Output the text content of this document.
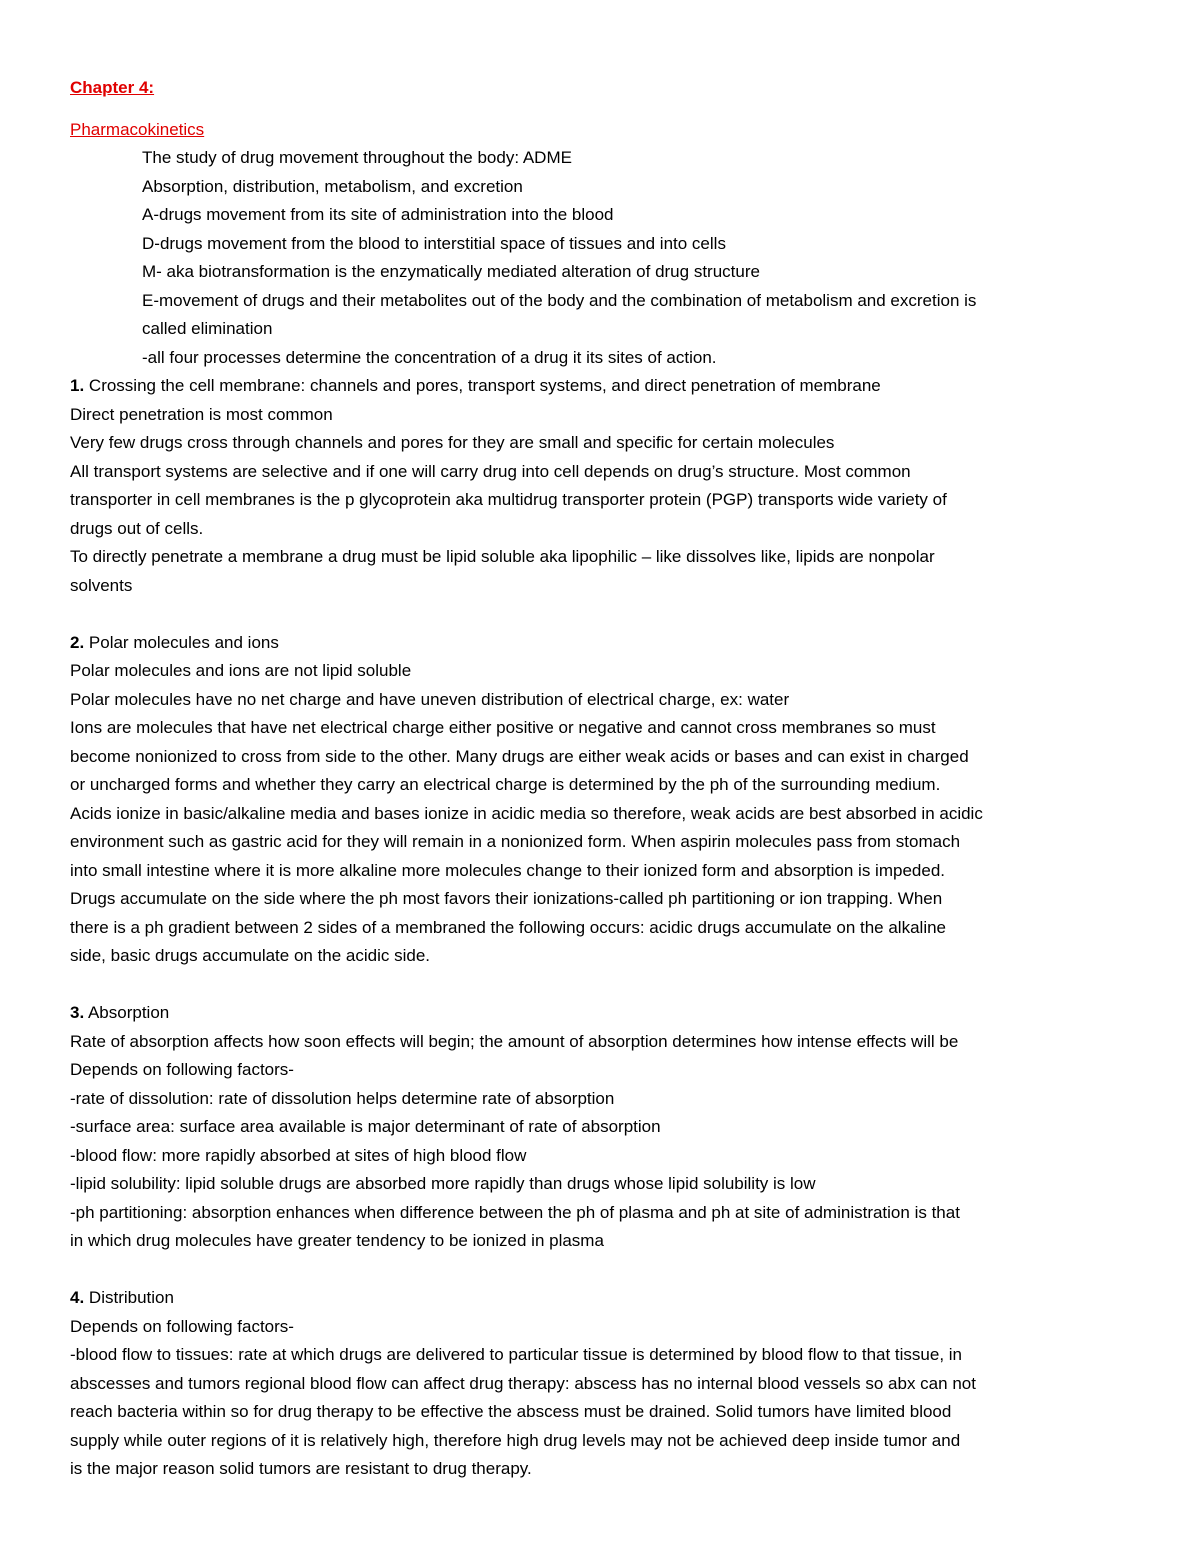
Chapter 4:
Pharmacokinetics
The study of drug movement throughout the body: ADME
Absorption, distribution, metabolism, and excretion
A-drugs movement from its site of administration into the blood
D-drugs movement from the blood to interstitial space of tissues and into cells
M- aka biotransformation is the enzymatically mediated alteration of drug structure
E-movement of drugs and their metabolites out of the body and the combination of metabolism and excretion is
called elimination
-all four processes determine the concentration of a drug it its sites of action.
1. Crossing the cell membrane: channels and pores, transport systems, and direct penetration of membrane
Direct penetration is most common
Very few drugs cross through channels and pores for they are small and specific for certain molecules
All transport systems are selective and if one will carry drug into cell depends on drug’s structure. Most common
transporter in cell membranes is the p glycoprotein aka multidrug transporter protein (PGP) transports wide variety of
drugs out of cells.
To directly penetrate a membrane a drug must be lipid soluble aka lipophilic – like dissolves like, lipids are nonpolar
solvents
2. Polar molecules and ions
Polar molecules and ions are not lipid soluble
Polar molecules have no net charge and have uneven distribution of electrical charge, ex: water
Ions are molecules that have net electrical charge either positive or negative and cannot cross membranes so must
become nonionized to cross from side to the other. Many drugs are either weak acids or bases and can exist in charged
or uncharged forms and whether they carry an electrical charge is determined by the ph of the surrounding medium.
Acids ionize in basic/alkaline media and bases ionize in acidic media so therefore, weak acids are best absorbed in acidic
environment such as gastric acid for they will remain in a nonionized form. When aspirin molecules pass from stomach
into small intestine where it is more alkaline more molecules change to their ionized form and absorption is impeded.
Drugs accumulate on the side where the ph most favors their ionizations-called ph partitioning or ion trapping. When
there is a ph gradient between 2 sides of a membraned the following occurs: acidic drugs accumulate on the alkaline
side, basic drugs accumulate on the acidic side.
3. Absorption
Rate of absorption affects how soon effects will begin; the amount of absorption determines how intense effects will be
Depends on following factors-
-rate of dissolution: rate of dissolution helps determine rate of absorption
-surface area: surface area available is major determinant of rate of absorption
-blood flow: more rapidly absorbed at sites of high blood flow
-lipid solubility: lipid soluble drugs are absorbed more rapidly than drugs whose lipid solubility is low
-ph partitioning: absorption enhances when difference between the ph of plasma and ph at site of administration is that
in which drug molecules have greater tendency to be ionized in plasma
4. Distribution
Depends on following factors-
-blood flow to tissues: rate at which drugs are delivered to particular tissue is determined by blood flow to that tissue, in
abscesses and tumors regional blood flow can affect drug therapy: abscess has no internal blood vessels so abx can not
reach bacteria within so for drug therapy to be effective the abscess must be drained. Solid tumors have limited blood
supply while outer regions of it is relatively high, therefore high drug levels may not be achieved deep inside tumor and
is the major reason solid tumors are resistant to drug therapy.
